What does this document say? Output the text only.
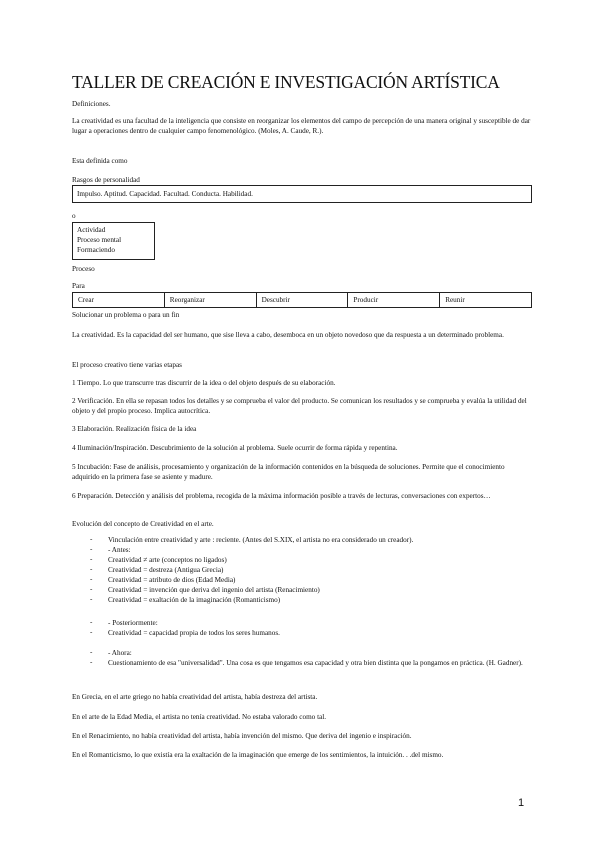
TALLER DE CREACIÓN E INVESTIGACIÓN ARTÍSTICA
Definiciones.
La creatividad es una facultad de la inteligencia que consiste en reorganizar los elementos del campo de percepción de una manera original y susceptible de dar lugar a operaciones dentro de cualquier campo fenomenológico. (Moles, A. Caude, R.).
Esta definida como
Rasgos de personalidad
Impulso. Aptitud. Capacidad. Facultad. Conducta. Habilidad.
o
Actividad
Proceso mental
Formaciendo
Proceso
Para
Crear	Reorganizar	Descubrir	Producir	Reunir
Solucionar un problema o para un fin
La creatividad. Es la capacidad del ser humano, que sise lleva a cabo, desemboca en un objeto novedoso que da respuesta a un determinado problema.
El proceso creativo tiene varias etapas
1 Tiempo. Lo que transcurre tras discurrir de la idea o del objeto después de su elaboración.
2 Verificación. En ella se repasan todos los detalles y se comprueba el valor del producto. Se comunican los resultados y se comprueba y evalúa la utilidad del objeto y del propio proceso. Implica autocrítica.
3 Elaboración. Realización física de la idea
4 Iluminación/Inspiración. Descubrimiento de la solución al problema. Suele ocurrir de forma rápida y repentina.
5 Incubación: Fase de análisis, procesamiento y organización de la información contenidos en la búsqueda de soluciones. Permite que el conocimiento adquirido en la primera fase se asiente y madure.
6 Preparación. Detección y análisis del problema, recogida de la máxima información posible a través de lecturas, conversaciones con expertos…
Evolución del concepto de Creatividad en el arte.
- Vinculación entre creatividad y arte : reciente. (Antes del S.XIX, el artista no era considerado un creador).
- - Antes:
- Creatividad ≠ arte (conceptos no ligados)
- Creatividad = destreza (Antigua Grecia)
- Creatividad = atributo de dios (Edad Media)
- Creatividad = invención que deriva del ingenio del artista (Renacimiento)
- Creatividad = exaltación de la imaginación (Romanticismo)
- - Posteriormente:
- Creatividad = capacidad propia de todos los seres humanos.
- - Ahora:
- Cuestionamiento de esa "universalidad". Una cosa es que tengamos esa capacidad y otra bien distinta que la pongamos en práctica. (H. Gadner).
En Grecia, en el arte griego no había creatividad del artista, había destreza del artista.
En el arte de la Edad Media, el artista no tenía creatividad. No estaba valorado como tal.
En el Renacimiento, no había creatividad del artista, había invención del mismo. Que deriva del ingenio e inspiración.
En el Romanticismo, lo que existía era la exaltación de la imaginación que emerge de los sentimientos, la intuición. . .del mismo.
1
